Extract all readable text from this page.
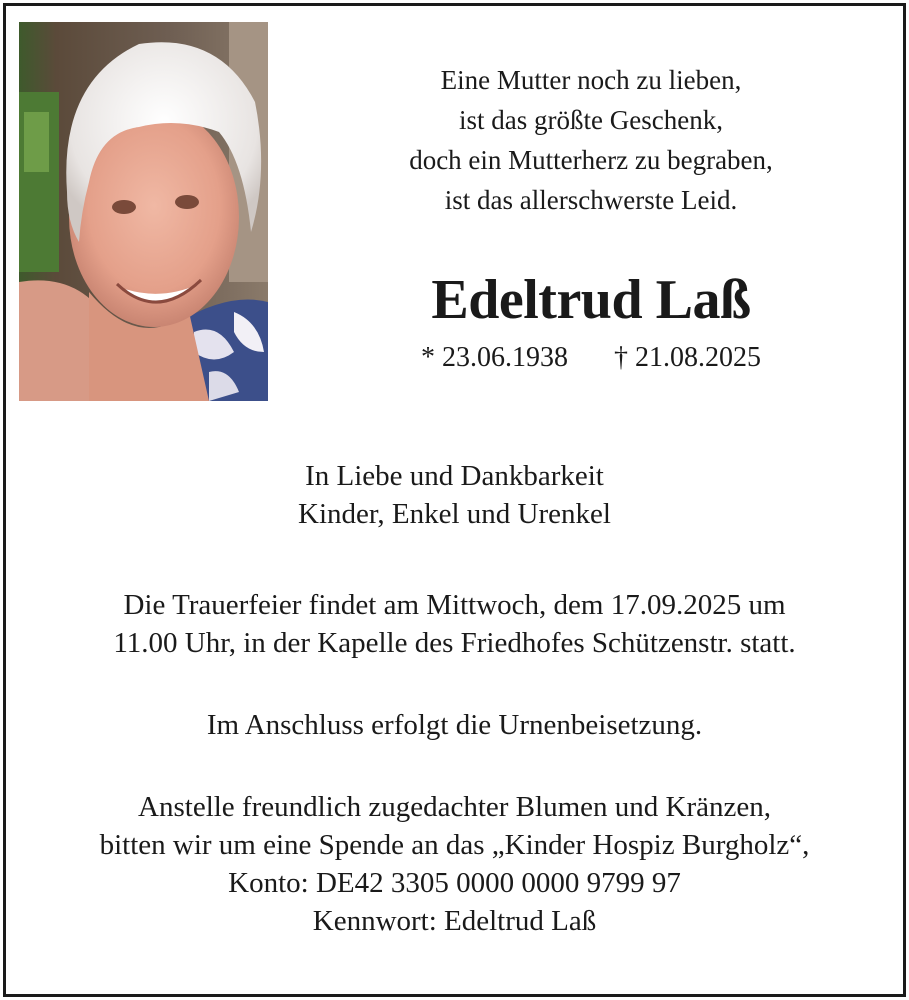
Eine Mutter noch zu lieben,
ist das größte Geschenk,
doch ein Mutterherz zu begraben,
ist das allerschwerste Leid.
Edeltrud Laß
* 23.06.1938 † 21.08.2025
In Liebe und Dankbarkeit
Kinder, Enkel und Urenkel
Die Trauerfeier findet am Mittwoch, dem 17.09.2025 um
11.00 Uhr, in der Kapelle des Friedhofes Schützenstr. statt.
Im Anschluss erfolgt die Urnenbeisetzung.
Anstelle freundlich zugedachter Blumen und Kränzen,
bitten wir um eine Spende an das „Kinder Hospiz Burgholz“,
Konto: DE42 3305 0000 0000 9799 97
Kennwort: Edeltrud Laß
